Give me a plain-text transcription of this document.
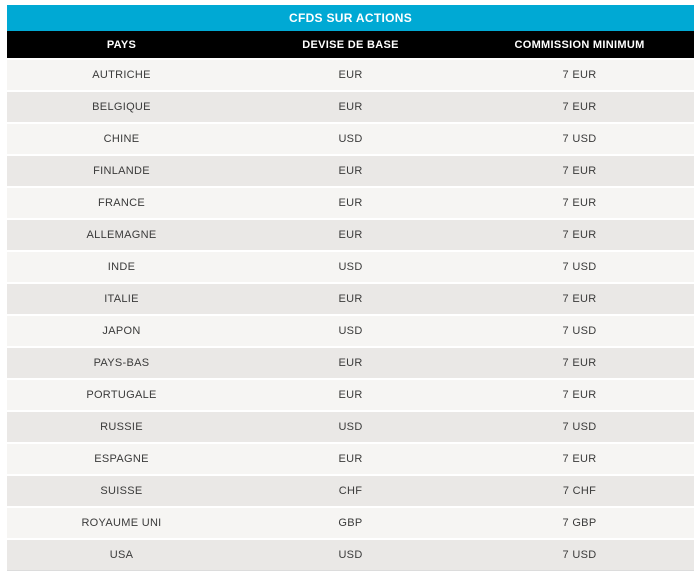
CFDS SUR ACTIONS
PAYS	DEVISE DE BASE	COMMISSION MINIMUM
AUTRICHE	EUR	7 EUR
BELGIQUE	EUR	7 EUR
CHINE	USD	7 USD
FINLANDE	EUR	7 EUR
FRANCE	EUR	7 EUR
ALLEMAGNE	EUR	7 EUR
INDE	USD	7 USD
ITALIE	EUR	7 EUR
JAPON	USD	7 USD
PAYS-BAS	EUR	7 EUR
PORTUGALE	EUR	7 EUR
RUSSIE	USD	7 USD
ESPAGNE	EUR	7 EUR
SUISSE	CHF	7 CHF
ROYAUME UNI	GBP	7 GBP
USA	USD	7 USD
